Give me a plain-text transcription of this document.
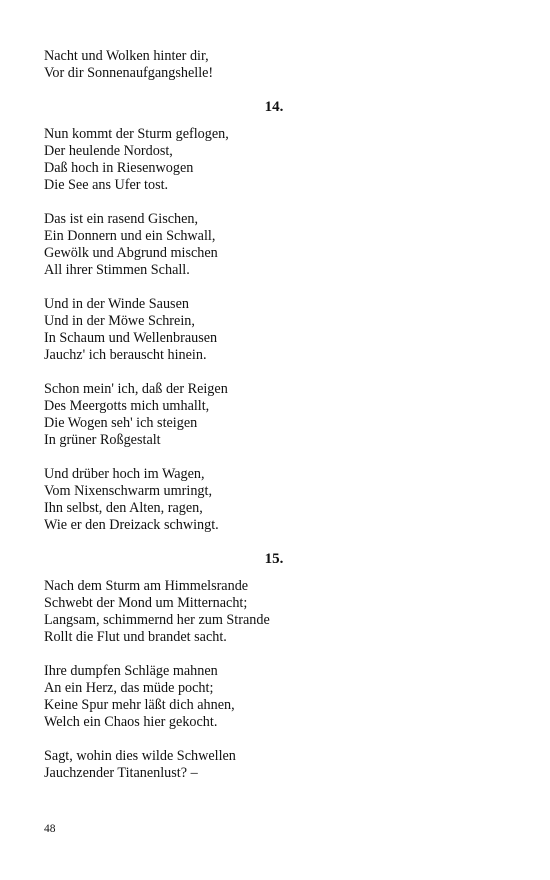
Nacht und Wolken hinter dir,
Vor dir Sonnenaufgangshelle!
14.
Nun kommt der Sturm geflogen,
Der heulende Nordost,
Daß hoch in Riesenwogen
Die See ans Ufer tost.
Das ist ein rasend Gischen,
Ein Donnern und ein Schwall,
Gewölk und Abgrund mischen
All ihrer Stimmen Schall.
Und in der Winde Sausen
Und in der Möwe Schrein,
In Schaum und Wellenbrausen
Jauchz' ich berauscht hinein.
Schon mein' ich, daß der Reigen
Des Meergotts mich umhallt,
Die Wogen seh' ich steigen
In grüner Roßgestalt
Und drüber hoch im Wagen,
Vom Nixenschwarm umringt,
Ihn selbst, den Alten, ragen,
Wie er den Dreizack schwingt.
15.
Nach dem Sturm am Himmelsrande
Schwebt der Mond um Mitternacht;
Langsam, schimmernd her zum Strande
Rollt die Flut und brandet sacht.
Ihre dumpfen Schläge mahnen
An ein Herz, das müde pocht;
Keine Spur mehr läßt dich ahnen,
Welch ein Chaos hier gekocht.
Sagt, wohin dies wilde Schwellen
Jauchzender Titanenlust? –
48
